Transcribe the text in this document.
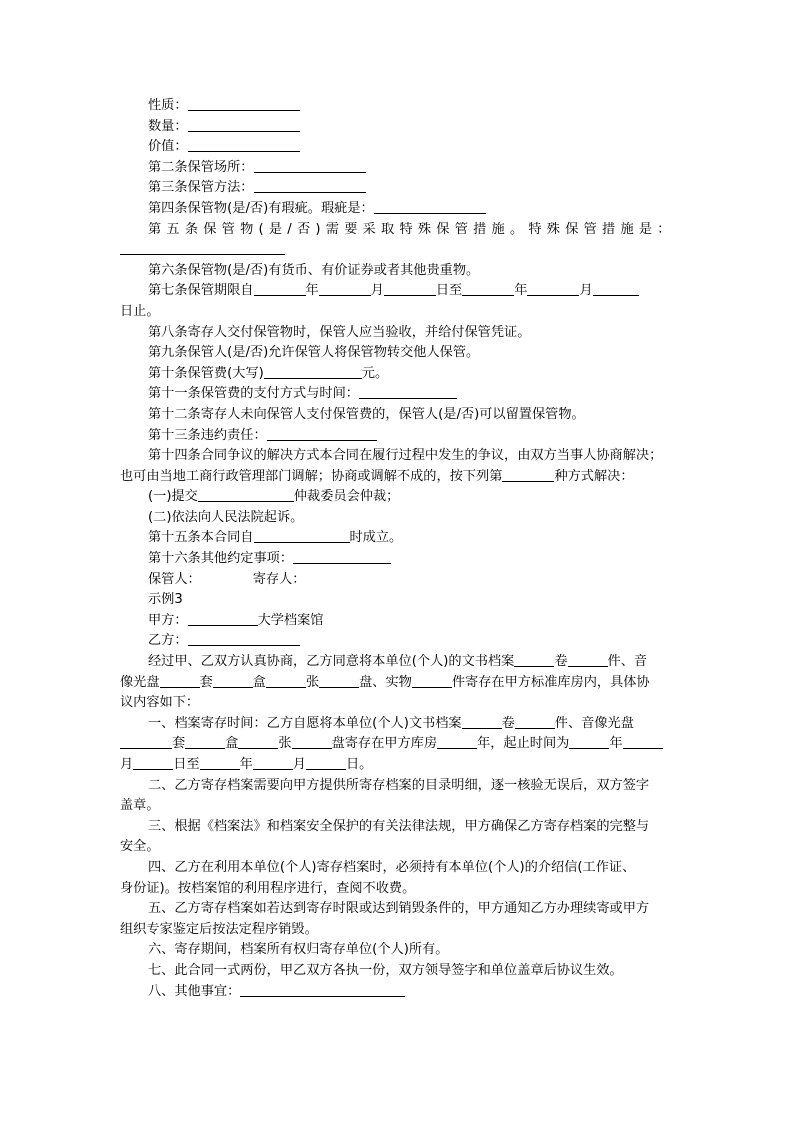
性质：
数量：
价值：
第二条保管场所：
第三条保管方法：
第四条保管物(是/否)有瑕疵。瑕疵是：
第五条保管物(是/否)需要采取特殊保管措施。特殊保管措施是：
第六条保管物(是/否)有货币、有价证券或者其他贵重物。
第七条保管期限自	年	月	日至	年	月
日止。
第八条寄存人交付保管物时，保管人应当验收，并给付保管凭证。
第九条保管人(是/否)允许保管人将保管物转交他人保管。
第十条保管费(大写)	元。
第十一条保管费的支付方式与时间：
第十二条寄存人未向保管人支付保管费的，保管人(是/否)可以留置保管物。
第十三条违约责任：
第十四条合同争议的解决方式本合同在履行过程中发生的争议，由双方当事人协商解决；
也可由当地工商行政管理部门调解；协商或调解不成的，按下列第	种方式解决：
(一)提交	仲裁委员会仲裁；
(二)依法向人民法院起诉。
第十五条本合同自	时成立。
第十六条其他约定事项：
保管人：	寄存人：
示例3
甲方：	大学档案馆
乙方：
经过甲、乙双方认真协商，乙方同意将本单位(个人)的文书档案	卷	件、音
像光盘	套	盒	张	盘、实物	件寄存在甲方标准库房内，具体协
议内容如下：
一、档案寄存时间：乙方自愿将本单位(个人)文书档案	卷	件、音像光盘
套	盒	张	盘寄存在甲方库房	年，起止时间为	年
月	日至	年	月	日。
二、乙方寄存档案需要向甲方提供所寄存档案的目录明细，逐一核验无误后，双方签字
盖章。
三、根据《档案法》和档案安全保护的有关法律法规，甲方确保乙方寄存档案的完整与
安全。
四、乙方在利用本单位(个人)寄存档案时，必须持有本单位(个人)的介绍信(工作证、
身份证)。按档案馆的利用程序进行，查阅不收费。
五、乙方寄存档案如若达到寄存时限或达到销毁条件的，甲方通知乙方办理续寄或甲方
组织专家鉴定后按法定程序销毁。
六、寄存期间，档案所有权归寄存单位(个人)所有。
七、此合同一式两份，甲乙双方各执一份，双方领导签字和单位盖章后协议生效。
八、其他事宜：
